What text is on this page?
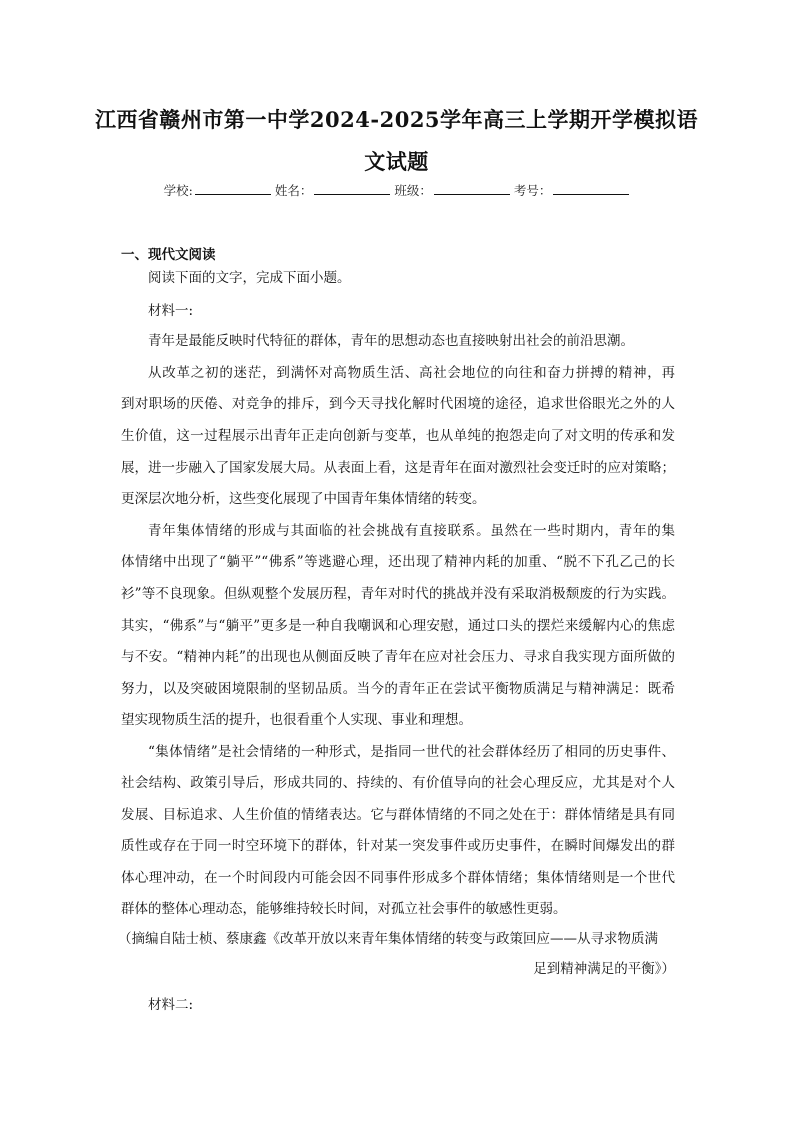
江西省赣州市第一中学2024-2025学年高三上学期开学模拟语
文试题
学校:	姓名：	班级：	考号：
一、现代文阅读
阅读下面的文字，完成下面小题。
材料一:
青年是最能反映时代特征的群体，青年的思想动态也直接映射出社会的前沿思潮。
从改革之初的迷茫，到满怀对高物质生活、高社会地位的向往和奋力拼搏的精神，再
到对职场的厌倦、对竞争的排斥，到今天寻找化解时代困境的途径，追求世俗眼光之外的人
生价值，这一过程展示出青年正走向创新与变革，也从单纯的抱怨走向了对文明的传承和发
展，进一步融入了国家发展大局。从表面上看，这是青年在面对激烈社会变迁时的应对策略；
更深层次地分析，这些变化展现了中国青年集体情绪的转变。
青年集体情绪的形成与其面临的社会挑战有直接联系。虽然在一些时期内，青年的集
体情绪中出现了“躺平”“佛系”等逃避心理，还出现了精神内耗的加重、“脱不下孔乙己的长
衫”等不良现象。但纵观整个发展历程，青年对时代的挑战并没有采取消极颓废的行为实践。
其实，“佛系”与“躺平”更多是一种自我嘲讽和心理安慰，通过口头的摆烂来缓解内心的焦虑
与不安。“精神内耗”的出现也从侧面反映了青年在应对社会压力、寻求自我实现方面所做的
努力，以及突破困境限制的坚韧品质。当今的青年正在尝试平衡物质满足与精神满足：既希
望实现物质生活的提升，也很看重个人实现、事业和理想。
“集体情绪”是社会情绪的一种形式，是指同一世代的社会群体经历了相同的历史事件、
社会结构、政策引导后，形成共同的、持续的、有价值导向的社会心理反应，尤其是对个人
发展、目标追求、人生价值的情绪表达。它与群体情绪的不同之处在于：群体情绪是具有同
质性或存在于同一时空环境下的群体，针对某一突发事件或历史事件，在瞬时间爆发出的群
体心理冲动，在一个时间段内可能会因不同事件形成多个群体情绪；集体情绪则是一个世代
群体的整体心理动态，能够维持较长时间，对孤立社会事件的敏感性更弱。
（摘编自陆士桢、蔡康鑫《改革开放以来青年集体情绪的转变与政策回应——从寻求物质满
足到精神满足的平衡》）
材料二:
